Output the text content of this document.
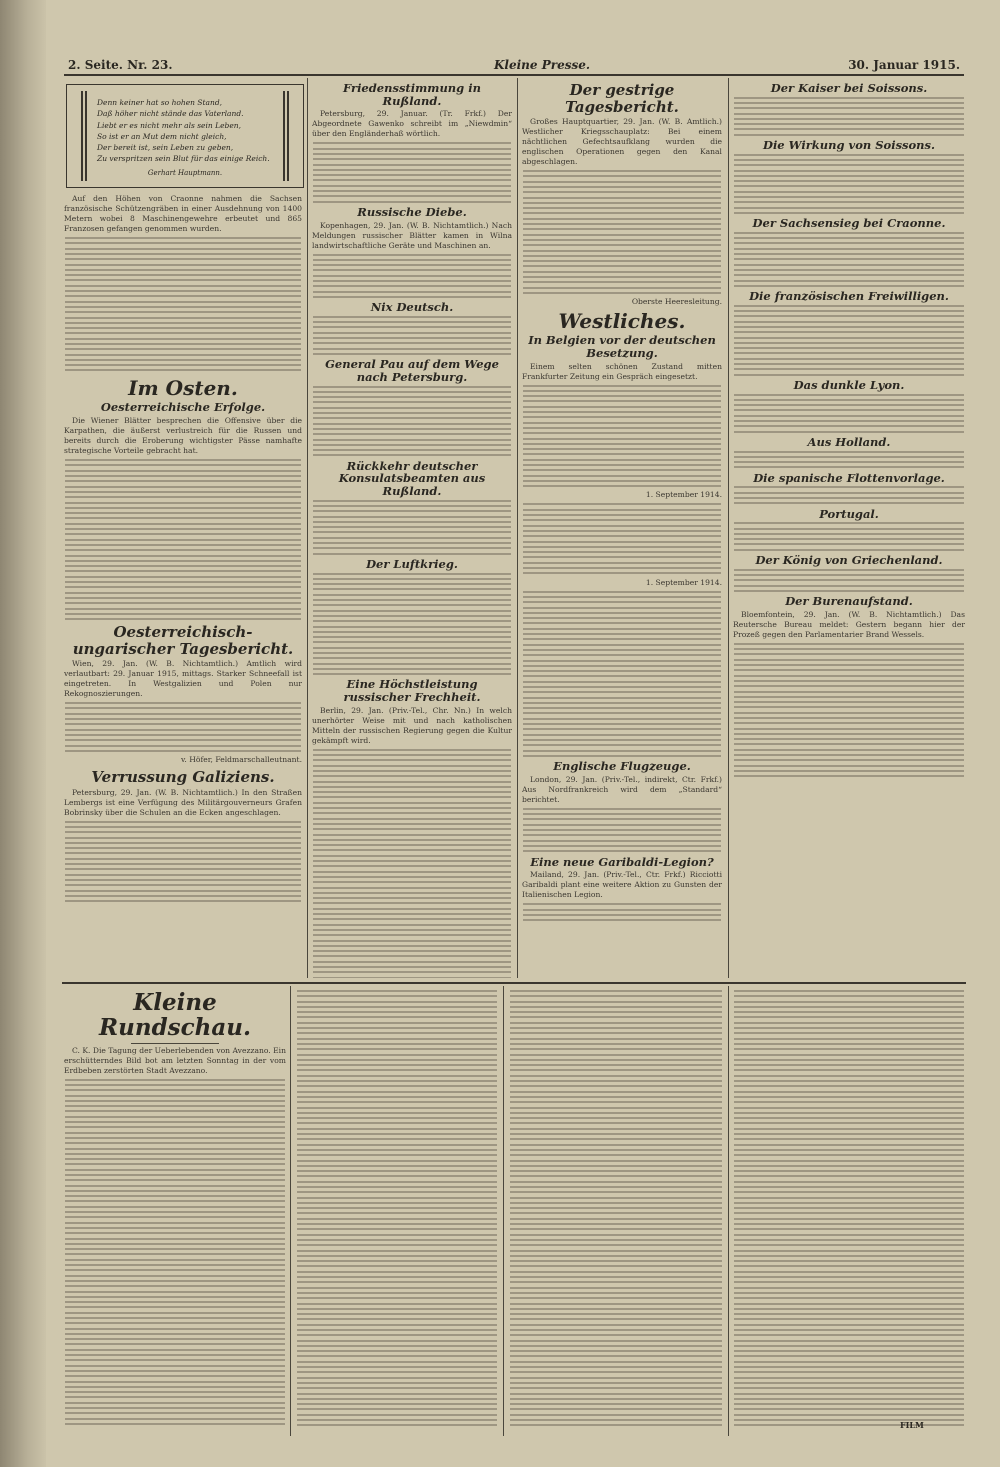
2. Seite. Nr. 23.	Kleine Presse.	30. Januar 1915.
Denn keiner hat so hohen Stand,
Daß höher nicht stände das Vaterland.
Liebt er es nicht mehr als sein Leben,
So ist er an Mut dem nicht gleich,
Der bereit ist, sein Leben zu geben,
Zu verspritzen sein Blut für das einige Reich.
Gerhart Hauptmann.

Auf den Höhen von Craonne nahmen die Sachsen französische Schützengräben in einer Ausdehnung von 1400 Metern wobei 8 Maschinengewehre erbeutet und 865 Franzosen gefangen genommen wurden.

Im Osten.
Oesterreichische Erfolge.

Die Wiener Blätter besprechen die Offensive über die Karpathen, die äußerst verlustreich für die Russen und bereits durch die Eroberung wichtigster Pässe namhafte strategische Vorteile gebracht hat.

Oesterreichisch-ungarischer Tagesbericht.

Wien, 29. Jan. (W. B. Nichtamtlich.) Amtlich wird verlautbart: 29. Januar 1915, mittags. Starker Schneefall ist eingetreten. In Westgalizien und Polen nur Rekognoszierungen.

v. Höfer, Feldmarschalleutnant.

Verrussung Galiziens.

Petersburg, 29. Jan. (W. B. Nichtamtlich.) In den Straßen Lembergs ist eine Verfügung des Militärgouverneurs Grafen Bobrinsky über die Schulen an die Ecken angeschlagen.

Friedensstimmung in Rußland.

Petersburg, 29. Januar. (Tr. Frkf.) Der Abgeordnete Gawenko schreibt im „Niewdmin“ über den Engländerhaß wörtlich.

Russische Diebe.

Kopenhagen, 29. Jan. (W. B. Nichtamtlich.) Nach Meldungen russischer Blätter kamen in Wilna landwirtschaftliche Geräte und Maschinen an.

Nix Deutsch.
General Pau auf dem Wege nach Petersburg.
Rückkehr deutscher Konsulatsbeamten aus Rußland.
Der Luftkrieg.
Eine Höchstleistung russischer Frechheit.

Berlin, 29. Jan. (Priv.-Tel., Chr. Nn.) In welch unerhörter Weise mit und nach katholischen Mitteln der russischen Regierung gegen die Kultur gekämpft wird.

Der gestrige Tagesbericht.

Großes Hauptquartier, 29. Jan. (W. B. Amtlich.) Westlicher Kriegsschauplatz: Bei einem nächtlichen Gefechtsaufklang wurden die englischen Operationen gegen den Kanal abgeschlagen.

Oberste Heeresleitung.

Westliches.
In Belgien vor der deutschen Besetzung.

Einem selten schönen Zustand mitten Frankfurter Zeitung ein Gespräch eingesetzt.

1. September 1914.

1. September 1914.

Englische Flugzeuge.

London, 29. Jan. (Priv.-Tel., indirekt, Ctr. Frkf.) Aus Nordfrankreich wird dem „Standard“ berichtet.

Eine neue Garibaldi-Legion?

Mailand, 29. Jan. (Priv.-Tel., Ctr. Frkf.) Ricciotti Garibaldi plant eine weitere Aktion zu Gunsten der Italienischen Legion.

Der Kaiser bei Soissons.
Die Wirkung von Soissons.
Der Sachsensieg bei Craonne.
Die französischen Freiwilligen.
Das dunkle Lyon.
Aus Holland.
Die spanische Flottenvorlage.
Portugal.
Der König von Griechenland.
Der Burenaufstand.

Bloemfontein, 29. Jan. (W. B. Nichtamtlich.) Das Reutersche Bureau meldet: Gestern begann hier der Prozeß gegen den Parlamentarier Brand Wessels.

Kleine Rundschau.

C. K. Die Tagung der Ueberlebenden von Avezzano. Ein erschütterndes Bild bot am letzten Sonntag in der vom Erdbeben zerstörten Stadt Avezzano.

FILM
